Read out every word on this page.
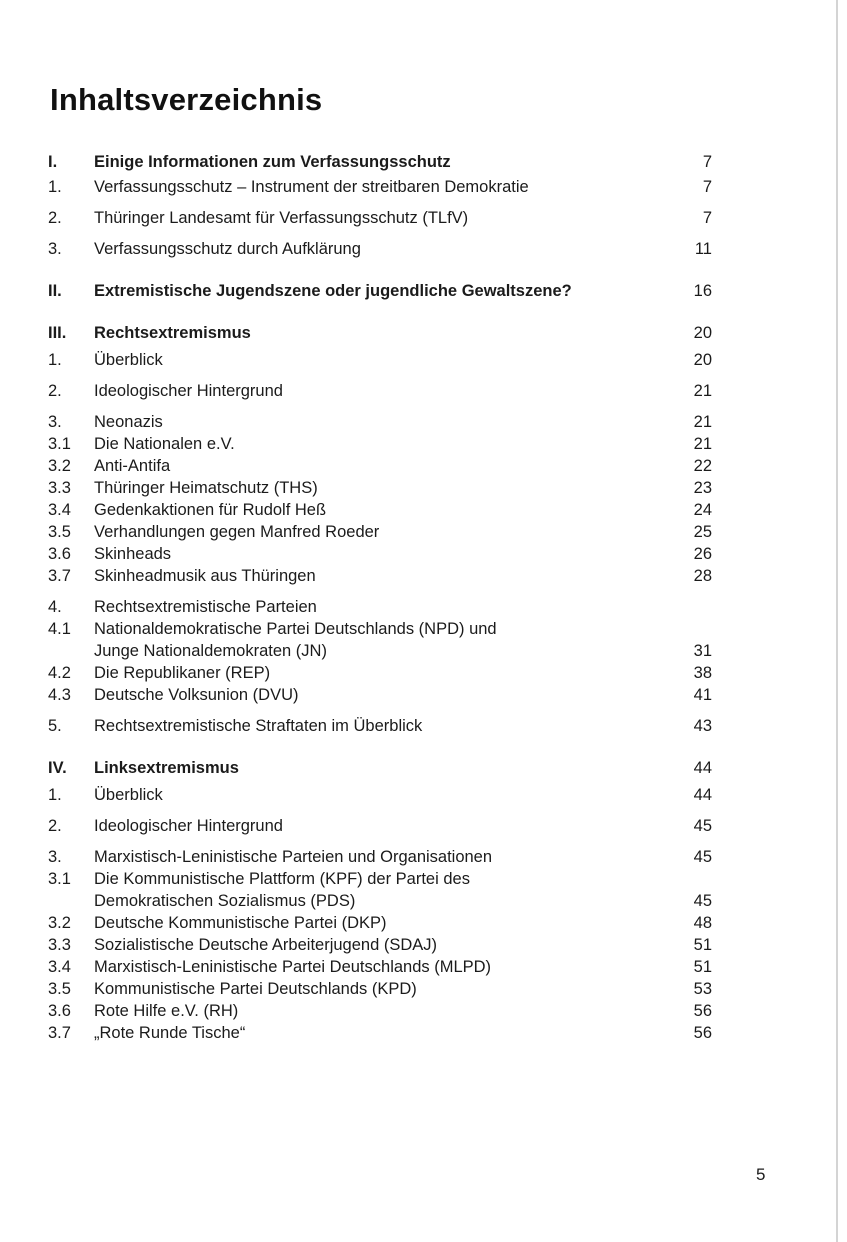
Inhaltsverzeichnis
I.	Einige Informationen zum Verfassungsschutz	7
1.	Verfassungsschutz – Instrument der streitbaren Demokratie	7
2.	Thüringer Landesamt für Verfassungsschutz (TLfV)	7
3.	Verfassungsschutz durch Aufklärung	11
II.	Extremistische Jugendszene oder jugendliche Gewaltszene?	16
III.	Rechtsextremismus	20
1.	Überblick	20
2.	Ideologischer Hintergrund	21
3.	Neonazis	21
3.1	Die Nationalen e.V.	21
3.2	Anti-Antifa	22
3.3	Thüringer Heimatschutz (THS)	23
3.4	Gedenkaktionen für Rudolf Heß	24
3.5	Verhandlungen gegen Manfred Roeder	25
3.6	Skinheads	26
3.7	Skinheadmusik aus Thüringen	28
4.	Rechtsextremistische Parteien
4.1	Nationaldemokratische Partei Deutschlands (NPD) und
Junge Nationaldemokraten (JN)	31
4.2	Die Republikaner (REP)	38
4.3	Deutsche Volksunion (DVU)	41
5.	Rechtsextremistische Straftaten im Überblick	43
IV.	Linksextremismus	44
1.	Überblick	44
2.	Ideologischer Hintergrund	45
3.	Marxistisch-Leninistische Parteien und Organisationen	45
3.1	Die Kommunistische Plattform (KPF) der Partei des
Demokratischen Sozialismus (PDS)	45
3.2	Deutsche Kommunistische Partei (DKP)	48
3.3	Sozialistische Deutsche Arbeiterjugend (SDAJ)	51
3.4	Marxistisch-Leninistische Partei Deutschlands (MLPD)	51
3.5	Kommunistische Partei Deutschlands (KPD)	53
3.6	Rote Hilfe e.V. (RH)	56
3.7	„Rote Runde Tische“	56
5
